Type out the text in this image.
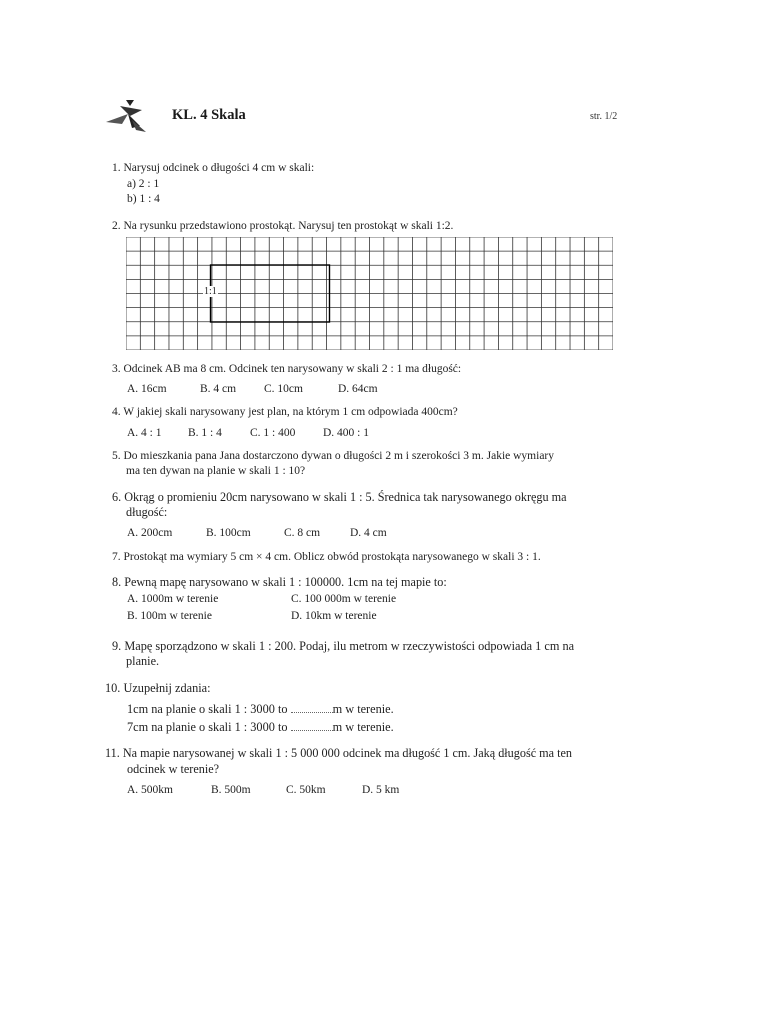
KL. 4 Skala	str. 1/2
1. Narysuj odcinek o długości 4 cm w skali:
a) 2 : 1
b) 1 : 4
2. Na rysunku przedstawiono prostokąt. Narysuj ten prostokąt w skali 1:2.
1:1
3. Odcinek AB ma 8 cm. Odcinek ten narysowany w skali 2 : 1 ma długość:
A. 16cm	B. 4 cm C. 10cm	D. 64cm
4. W jakiej skali narysowany jest plan, na którym 1 cm odpowiada 400cm?
A. 4 : 1 B. 1 : 4 C. 1 : 400 D. 400 : 1
5. Do mieszkania pana Jana dostarczono dywan o długości 2 m i szerokości 3 m. Jakie wymiary
ma ten dywan na planie w skali 1 : 10?
6. Okrąg o promieniu 20cm narysowano w skali 1 : 5. Średnica tak narysowanego okręgu ma
długość:
A. 200cm	B. 100cm	C. 8 cm	D. 4 cm
7. Prostokąt ma wymiary 5 cm × 4 cm. Oblicz obwód prostokąta narysowanego w skali 3 : 1.
8. Pewną mapę narysowano w skali 1 : 100000. 1cm na tej mapie to:
A. 1000m w terenie	C. 100 000m w terenie
B. 100m w terenie	D. 10km w terenie
9. Mapę sporządzono w skali 1 : 200. Podaj, ilu metrom w rzeczywistości odpowiada 1 cm na
planie.
10. Uzupełnij zdania:
1cm na planie o skali 1 : 3000 to	m w terenie.
7cm na planie o skali 1 : 3000 to	m w terenie.
11. Na mapie narysowanej w skali 1 : 5 000 000 odcinek ma długość 1 cm. Jaką długość ma ten
odcinek w terenie?
A. 500km	B. 500m	C. 50km	D. 5 km
